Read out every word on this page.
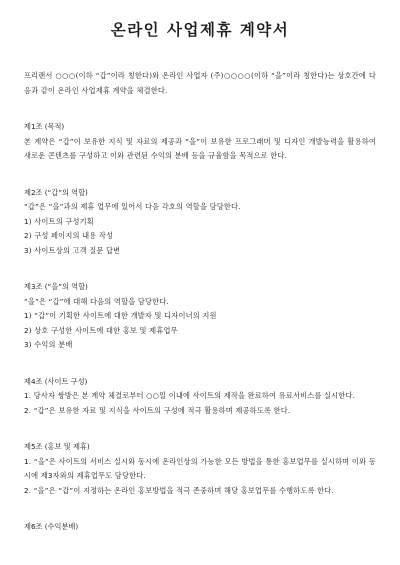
온라인 사업제휴 계약서
프리랜서 ○○○(이하 “갑”이라 칭한다)와 온라인 사업자 (주)○○○○(이하 “을”이라 칭한다)는 상호간에 다음과 같이 온라인 사업제휴 계약을 체결한다.
제1조 (목적)
본 계약은 “갑”이 보유한 지식 및 자료의 제공과 “을”이 보유한 프로그래머 및 디자인 개발능력을 활용하여 새로운 콘텐츠를 구성하고 이와 관련된 수익의 분배 등을 규율함을 목적으로 한다.
제2조 (“갑”의 역할)
“갑”은 “을”과의 제휴 업무에 있어서 다음 각호의 역할을 담당한다.
1) 사이트의 구성기획
2) 구성 페이지의 내용 작성
3) 사이트상의 고객 질문 답변
제3조 (“을”의 역할)
“을”은 “갑”에 대해 다음의 역할을 담당한다.
1) “갑”이 기획한 사이트에 대한 개발자 및 디자이너의 지원
2) 상호 구성한 사이트에 대한 홍보 및 제휴업무
3) 수익의 분배
제4조 (사이트 구성)
1. 당사자 쌍방은 본 계약 체결로부터 ○○일 이내에 사이트의 제작을 완료하여 유료서비스를 실시한다.
2. “갑”은 보유한 자료 및 지식을 사이트의 구성에 적극 활용하며 제공하도록 한다.
제5조 (홍보 및 제휴)
1. “을”은 사이트의 서비스 실시와 동시에 온라인상의 가능한 모든 방법을 통한 홍보업무를 실시하며 이와 동시에 제3자와의 제휴업무도 담당한다.
2. “을”은 “갑”이 지정하는 온라인 홍보방법을 적극 존중하며 해당 홍보업무를 수행하도록 한다.
제6조 (수익분배)
